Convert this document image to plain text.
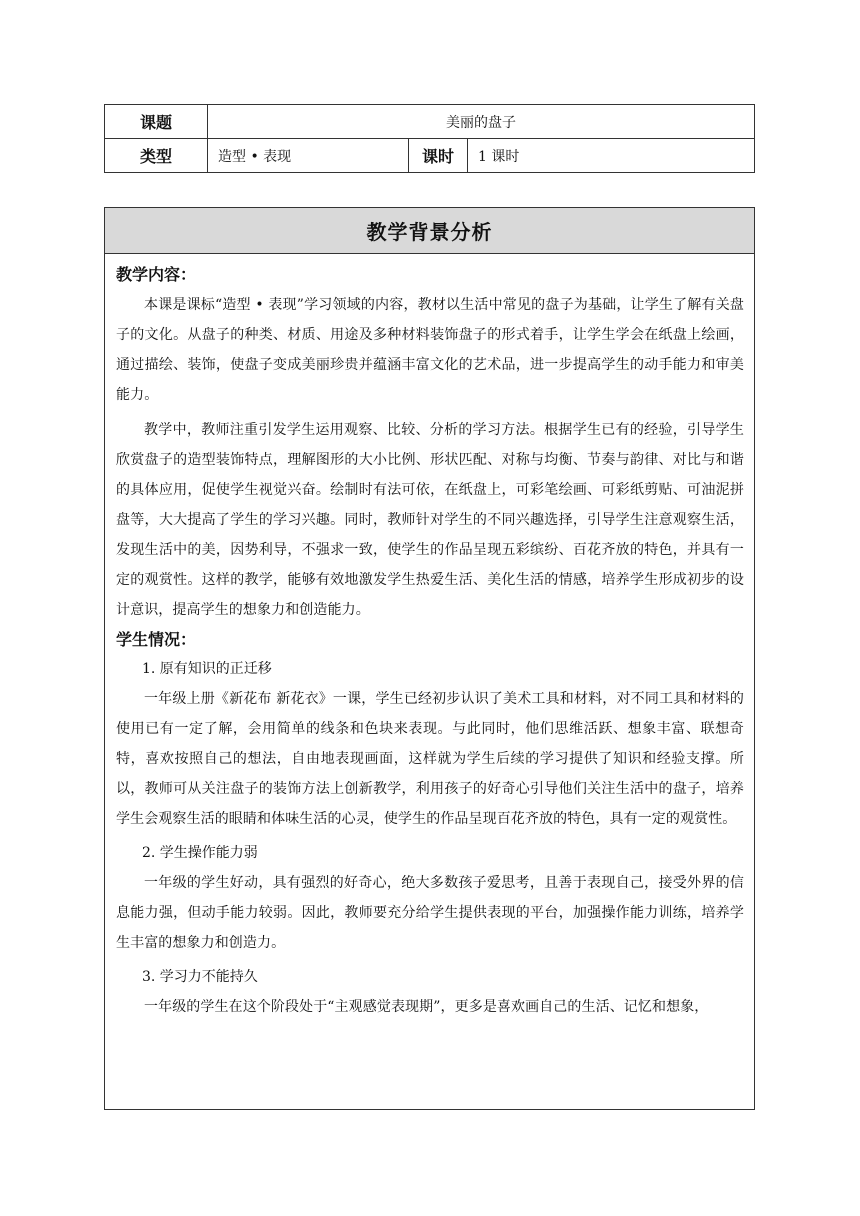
课题	美丽的盘子		
类型	造型 • 表现	课时	1 课时
教学背景分析

教学内容：

本课是课标“造型 • 表现”学习领域的内容，教材以生活中常见的盘子为基础，让学生了解有关盘子的文化。从盘子的种类、材质、用途及多种材料装饰盘子的形式着手，让学生学会在纸盘上绘画，通过描绘、装饰，使盘子变成美丽珍贵并蕴涵丰富文化的艺术品，进一步提高学生的动手能力和审美能力。

教学中，教师注重引发学生运用观察、比较、分析的学习方法。根据学生已有的经验，引导学生欣赏盘子的造型装饰特点，理解图形的大小比例、形状匹配、对称与均衡、节奏与韵律、对比与和谐的具体应用，促使学生视觉兴奋。绘制时有法可依，在纸盘上，可彩笔绘画、可彩纸剪贴、可油泥拼盘等，大大提高了学生的学习兴趣。同时，教师针对学生的不同兴趣选择，引导学生注意观察生活，发现生活中的美，因势利导，不强求一致，使学生的作品呈现五彩缤纷、百花齐放的特色，并具有一定的观赏性。这样的教学，能够有效地激发学生热爱生活、美化生活的情感，培养学生形成初步的设计意识，提高学生的想象力和创造能力。

学生情况：

1. 原有知识的正迁移

一年级上册《新花布 新花衣》一课，学生已经初步认识了美术工具和材料，对不同工具和材料的使用已有一定了解，会用简单的线条和色块来表现。与此同时，他们思维活跃、想象丰富、联想奇特，喜欢按照自己的想法，自由地表现画面，这样就为学生后续的学习提供了知识和经验支撑。所以，教师可从关注盘子的装饰方法上创新教学，利用孩子的好奇心引导他们关注生活中的盘子，培养学生会观察生活的眼睛和体味生活的心灵，使学生的作品呈现百花齐放的特色，具有一定的观赏性。

2. 学生操作能力弱

一年级的学生好动，具有强烈的好奇心，绝大多数孩子爱思考，且善于表现自己，接受外界的信息能力强，但动手能力较弱。因此，教师要充分给学生提供表现的平台，加强操作能力训练，培养学生丰富的想象力和创造力。

3. 学习力不能持久

一年级的学生在这个阶段处于“主观感觉表现期”，更多是喜欢画自己的生活、记忆和想象，
